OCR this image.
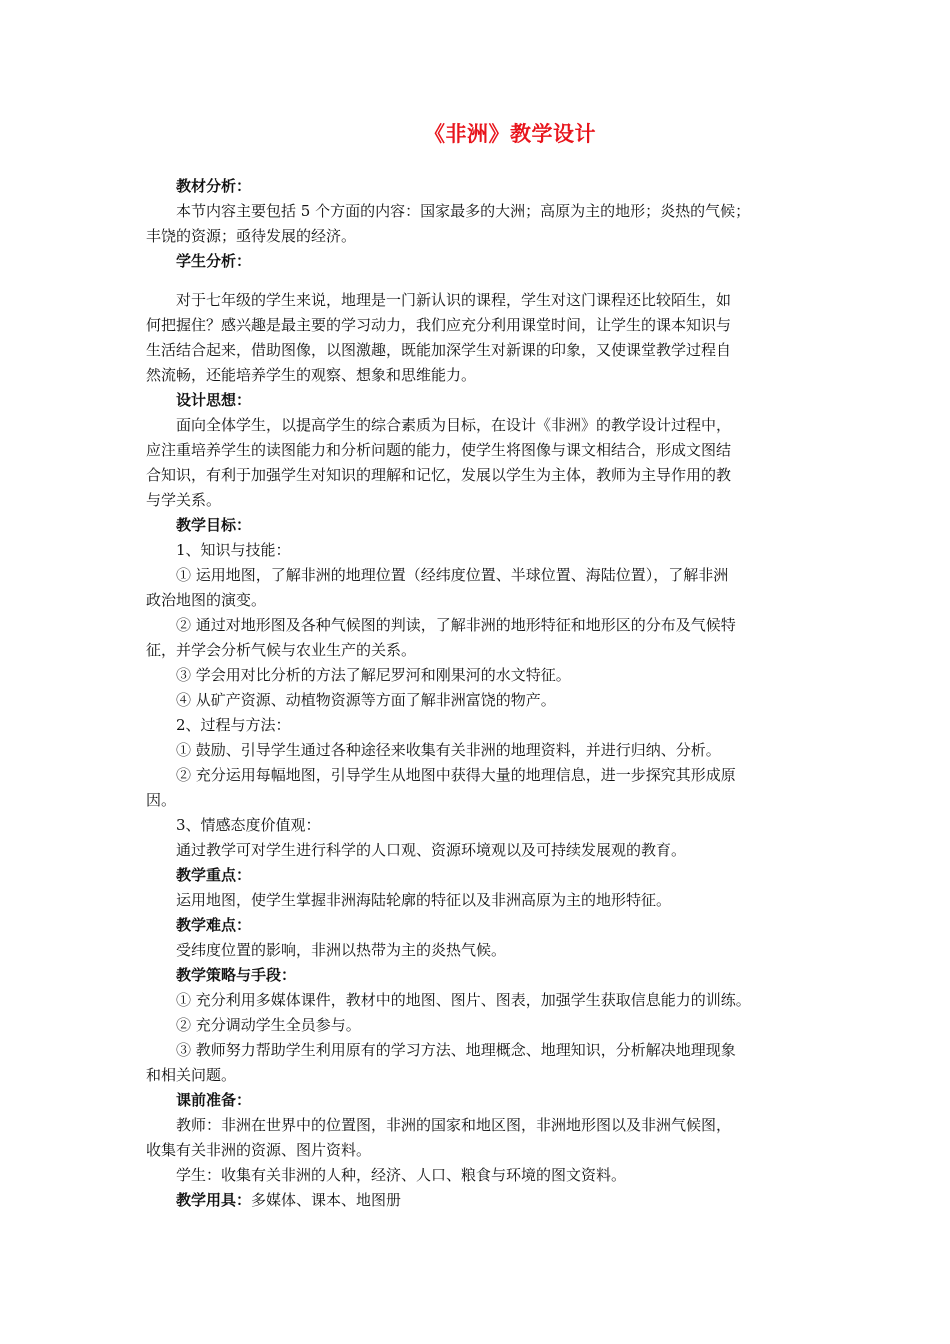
《非洲》教学设计
教材分析：
本节内容主要包括 5 个方面的内容：国家最多的大洲；高原为主的地形；炎热的气候；
丰饶的资源；亟待发展的经济。
学生分析：
对于七年级的学生来说，地理是一门新认识的课程，学生对这门课程还比较陌生，如
何把握住？感兴趣是最主要的学习动力，我们应充分利用课堂时间，让学生的课本知识与
生活结合起来，借助图像，以图激趣，既能加深学生对新课的印象，又使课堂教学过程自
然流畅，还能培养学生的观察、想象和思维能力。
设计思想：
面向全体学生，以提高学生的综合素质为目标，在设计《非洲》的教学设计过程中，
应注重培养学生的读图能力和分析问题的能力，使学生将图像与课文相结合，形成文图结
合知识，有利于加强学生对知识的理解和记忆，发展以学生为主体，教师为主导作用的教
与学关系。
教学目标：
1、知识与技能：
① 运用地图，了解非洲的地理位置（经纬度位置、半球位置、海陆位置），了解非洲
政治地图的演变。
② 通过对地形图及各种气候图的判读，了解非洲的地形特征和地形区的分布及气候特
征，并学会分析气候与农业生产的关系。
③ 学会用对比分析的方法了解尼罗河和刚果河的水文特征。
④ 从矿产资源、动植物资源等方面了解非洲富饶的物产。
2、过程与方法：
① 鼓励、引导学生通过各种途径来收集有关非洲的地理资料，并进行归纳、分析。
② 充分运用每幅地图，引导学生从地图中获得大量的地理信息，进一步探究其形成原
因。
3、情感态度价值观：
通过教学可对学生进行科学的人口观、资源环境观以及可持续发展观的教育。
教学重点：
运用地图，使学生掌握非洲海陆轮廓的特征以及非洲高原为主的地形特征。
教学难点：
受纬度位置的影响，非洲以热带为主的炎热气候。
教学策略与手段：
① 充分利用多媒体课件，教材中的地图、图片、图表，加强学生获取信息能力的训练。
② 充分调动学生全员参与。
③ 教师努力帮助学生利用原有的学习方法、地理概念、地理知识，分析解决地理现象
和相关问题。
课前准备：
教师：非洲在世界中的位置图，非洲的国家和地区图，非洲地形图以及非洲气候图，
收集有关非洲的资源、图片资料。
学生：收集有关非洲的人种，经济、人口、粮食与环境的图文资料。
教学用具：多媒体、课本、地图册
